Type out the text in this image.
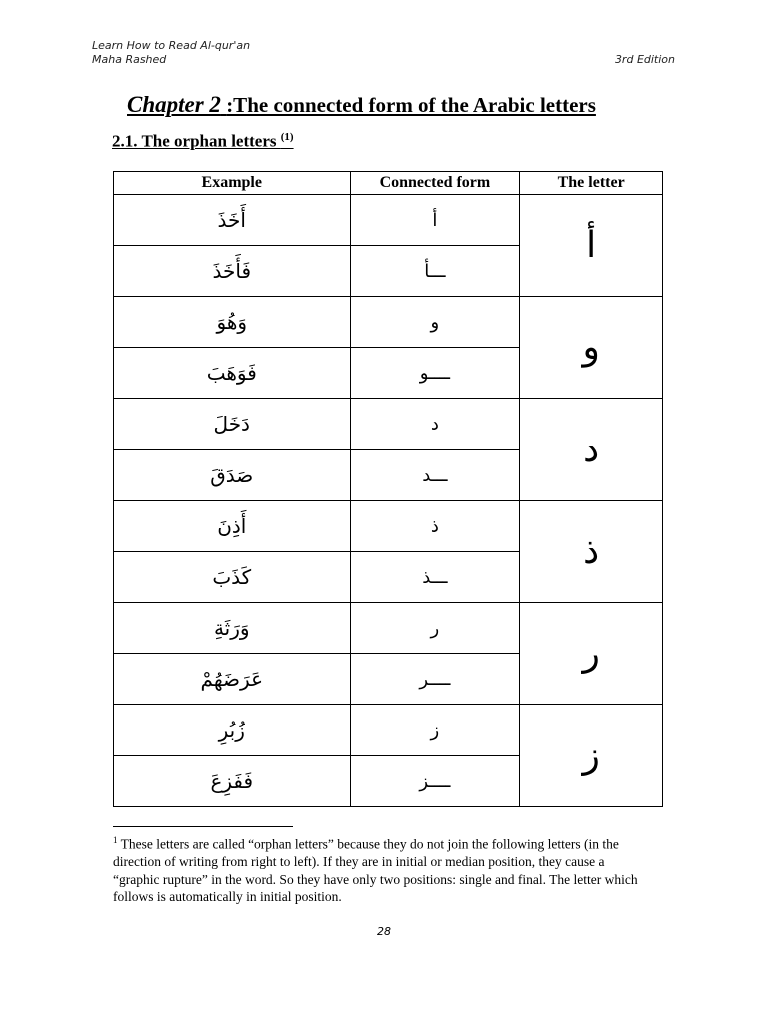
Learn How to Read Al-qur'an
Maha Rashed	3rd Edition
Chapter 2 :The connected form of the Arabic letters
2.1. The orphan letters $^{(1)}$
Example	Connected form	The letter
أَخَذَ	أ	أ
فَأَخَذَ	ـــأ	
وَهُوَ	و	و
فَوَهَبَ	ــــو	
دَخَلَ	د	د
صَدَقَ	ـــد	
أَذِنَ	ذ	ذ
كَذَبَ	ـــذ	
وَرَثَةِ	ر	ر
عَرَضَهُمْ	ــــر	
زُبُرِ	ز	ز
فَفَزِعَ	ــــز	
$^1$ These letters are called “orphan letters” because they do not join the following letters (in the direction of writing from right to left). If they are in initial or median position, they cause a “graphic rupture” in the word. So they have only two positions: single and final. The letter which follows is automatically in initial position.
28
